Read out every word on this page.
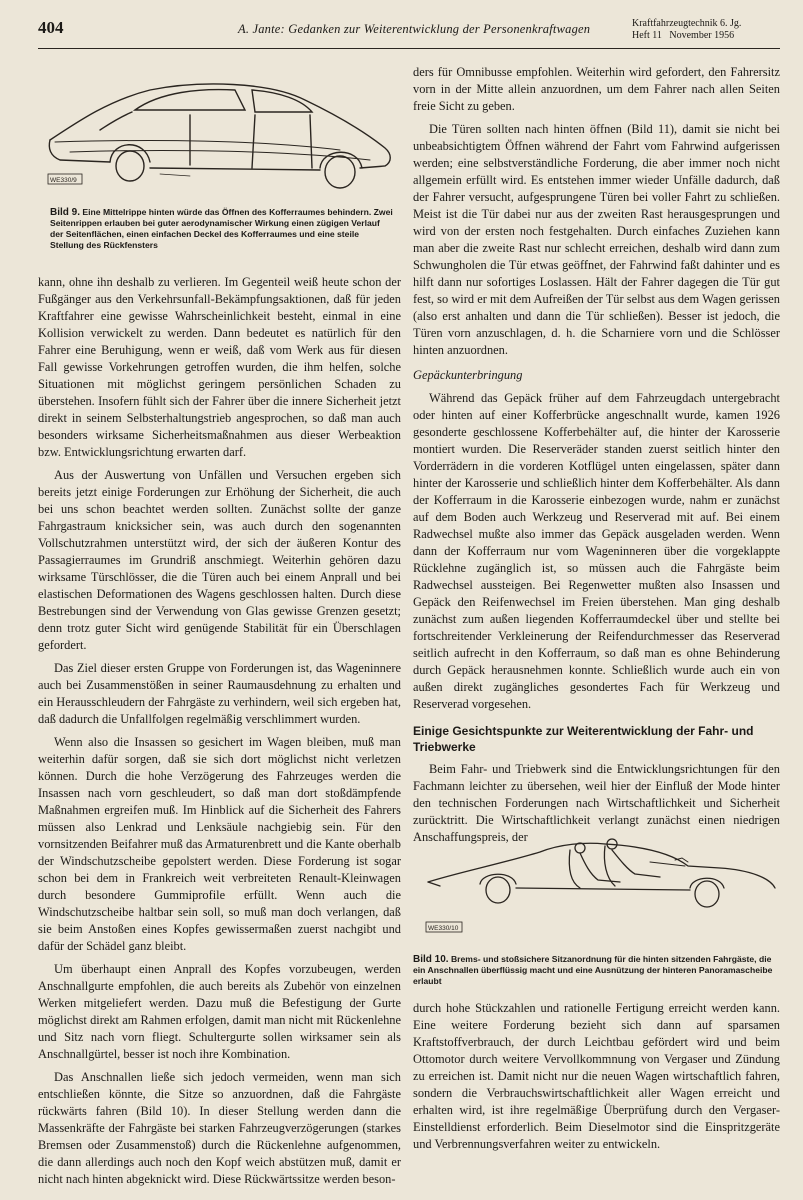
404	A. Jante: Gedanken zur Weiterentwicklung der Personenkraftwagen	Kraftfahrzeugtechnik 6. Jg.
Heft 11   November 1956
WE330/9
Bild 9. Eine Mittelrippe hinten würde das Öffnen des Kofferraumes behindern. Zwei Seitenrippen erlauben bei guter aerodynamischer Wirkung einen zügigen Verlauf der Seitenflächen, einen einfachen Deckel des Kofferraumes und eine steile Stellung des Rückfensters

kann, ohne ihn deshalb zu verlieren. Im Gegenteil weiß heute schon der Fußgänger aus den Verkehrsunfall-Bekämpfungsaktionen, daß für jeden Kraftfahrer eine gewisse Wahrscheinlichkeit besteht, einmal in eine Kollision verwickelt zu werden. Dann bedeutet es natürlich für den Fahrer eine Beruhigung, wenn er weiß, daß vom Werk aus für diesen Fall gewisse Vorkehrungen getroffen wurden, die ihm helfen, solche Situationen mit möglichst geringem persönlichen Schaden zu überstehen. Insofern fühlt sich der Fahrer über die innere Sicherheit jetzt direkt in seinem Selbsterhaltungstrieb angesprochen, so daß man auch besonders wirksame Sicherheitsmaßnahmen aus dieser Werbeaktion bzw. Entwicklungsrichtung erwarten darf.

Aus der Auswertung von Unfällen und Versuchen ergeben sich bereits jetzt einige Forderungen zur Erhöhung der Sicherheit, die auch bei uns schon beachtet werden sollten. Zunächst sollte der ganze Fahrgastraum knicksicher sein, was auch durch den sogenannten Vollschutzrahmen unterstützt wird, der sich der äußeren Kontur des Passagierraumes im Grundriß anschmiegt. Weiterhin gehören dazu wirksame Türschlösser, die die Türen auch bei einem Anprall und bei elastischen Deformationen des Wagens geschlossen halten. Durch diese Bestrebungen sind der Verwendung von Glas gewisse Grenzen gesetzt; denn trotz guter Sicht wird genügende Stabilität für ein Überschlagen gefordert.

Das Ziel dieser ersten Gruppe von Forderungen ist, das Wageninnere auch bei Zusammenstößen in seiner Raumausdehnung zu erhalten und ein Herausschleudern der Fahrgäste zu verhindern, weil sich ergeben hat, daß dadurch die Unfallfolgen regelmäßig verschlimmert wurden.

Wenn also die Insassen so gesichert im Wagen bleiben, muß man weiterhin dafür sorgen, daß sie sich dort möglichst nicht verletzen können. Durch die hohe Verzögerung des Fahrzeuges werden die Insassen nach vorn geschleudert, so daß man dort stoßdämpfende Maßnahmen ergreifen muß. Im Hinblick auf die Sicherheit des Fahrers müssen also Lenkrad und Lenksäule nachgiebig sein. Für den vornsitzenden Beifahrer muß das Armaturenbrett und die Kante oberhalb der Windschutzscheibe gepolstert werden. Diese Forderung ist sogar schon bei dem in Frankreich weit verbreiteten Renault-Kleinwagen durch besondere Gummiprofile erfüllt. Wenn auch die Windschutzscheibe haltbar sein soll, so muß man doch verlangen, daß sie beim Anstoßen eines Kopfes gewissermaßen zuerst nachgibt und dafür der Schädel ganz bleibt.

Um überhaupt einen Anprall des Kopfes vorzubeugen, werden Anschnallgurte empfohlen, die auch bereits als Zubehör von einzelnen Werken mitgeliefert werden. Dazu muß die Befestigung der Gurte möglichst direkt am Rahmen erfolgen, damit man nicht mit Rückenlehne und Sitz nach vorn fliegt. Schultergurte sollen wirksamer sein als Anschnallgürtel, besser ist noch ihre Kombination.

Das Anschnallen ließe sich jedoch vermeiden, wenn man sich entschließen könnte, die Sitze so anzuordnen, daß die Fahrgäste rückwärts fahren (Bild 10). In dieser Stellung werden dann die Massenkräfte der Fahrgäste bei starken Fahrzeugverzögerungen (starkes Bremsen oder Zusammenstoß) durch die Rückenlehne aufgenommen, die dann allerdings auch noch den Kopf weich abstützen muß, damit er nicht nach hinten abgeknickt wird. Diese Rückwärtssitze werden beson-

ders für Omnibusse empfohlen. Weiterhin wird gefordert, den Fahrersitz vorn in der Mitte allein anzuordnen, um dem Fahrer nach allen Seiten freie Sicht zu geben.

Die Türen sollten nach hinten öffnen (Bild 11), damit sie nicht bei unbeabsichtigtem Öffnen während der Fahrt vom Fahrwind aufgerissen werden; eine selbstverständliche Forderung, die aber immer noch nicht allgemein erfüllt wird. Es entstehen immer wieder Unfälle dadurch, daß der Fahrer versucht, aufgesprungene Türen bei voller Fahrt zu schließen. Meist ist die Tür dabei nur aus der zweiten Rast herausgesprungen und wird von der ersten noch festgehalten. Durch einfaches Zuziehen kann man aber die zweite Rast nur schlecht erreichen, deshalb wird dann zum Schwungholen die Tür etwas geöffnet, der Fahrwind faßt dahinter und es hilft dann nur sofortiges Loslassen. Hält der Fahrer dagegen die Tür gut fest, so wird er mit dem Aufreißen der Tür selbst aus dem Wagen gerissen (also erst anhalten und dann die Tür schließen). Besser ist jedoch, die Türen vorn anzuschlagen, d. h. die Scharniere vorn und die Schlösser hinten anzuordnen.

Gepäckunterbringung

Während das Gepäck früher auf dem Fahrzeugdach untergebracht oder hinten auf einer Kofferbrücke angeschnallt wurde, kamen 1926 gesonderte geschlossene Kofferbehälter auf, die hinter der Karosserie montiert wurden. Die Reserveräder standen zuerst seitlich hinter den Vorderrädern in die vorderen Kotflügel unten eingelassen, später dann hinter der Karosserie und schließlich hinter dem Kofferbehälter. Als dann der Kofferraum in die Karosserie einbezogen wurde, nahm er zunächst auf dem Boden auch Werkzeug und Reserverad mit auf. Bei einem Radwechsel mußte also immer das Gepäck ausgeladen werden. Wenn dann der Kofferraum nur vom Wageninneren über die vorgeklappte Rücklehne zugänglich ist, so müssen auch die Fahrgäste beim Radwechsel aussteigen. Bei Regenwetter mußten also Insassen und Gepäck den Reifenwechsel im Freien überstehen. Man ging deshalb zunächst zum außen liegenden Kofferraumdeckel über und stellte bei fortschreitender Verkleinerung der Reifendurchmesser das Reserverad seitlich aufrecht in den Kofferraum, so daß man es ohne Behinderung durch Gepäck herausnehmen konnte. Schließlich wurde auch ein von außen direkt zugängliches gesondertes Fach für Werkzeug und Reserverad vorgesehen.

Einige Gesichtspunkte zur Weiterentwicklung der Fahr- und Triebwerke

Beim Fahr- und Triebwerk sind die Entwicklungsrichtungen für den Fachmann leichter zu übersehen, weil hier der Einfluß der Mode hinter den technischen Forderungen nach Wirtschaftlichkeit und Sicherheit zurücktritt. Die Wirtschaftlichkeit verlangt zunächst einen niedrigen Anschaffungspreis, der

WE330/10
Bild 10. Brems- und stoßsichere Sitzanordnung für die hinten sitzenden Fahrgäste, die ein Anschnallen überflüssig macht und eine Ausnützung der hinteren Panoramascheibe erlaubt

durch hohe Stückzahlen und rationelle Fertigung erreicht werden kann. Eine weitere Forderung bezieht sich dann auf sparsamen Kraftstoffverbrauch, der durch Leichtbau gefördert wird und beim Ottomotor durch weitere Vervollkommnung von Vergaser und Zündung zu erreichen ist. Damit nicht nur die neuen Wagen wirtschaftlich fahren, sondern die Verbrauchswirtschaftlichkeit aller Wagen erreicht und erhalten wird, ist ihre regelmäßige Überprüfung durch den Vergaser-Einstelldienst erforderlich. Beim Dieselmotor sind die Einspritzgeräte und Verbrennungsverfahren weiter zu entwickeln.
